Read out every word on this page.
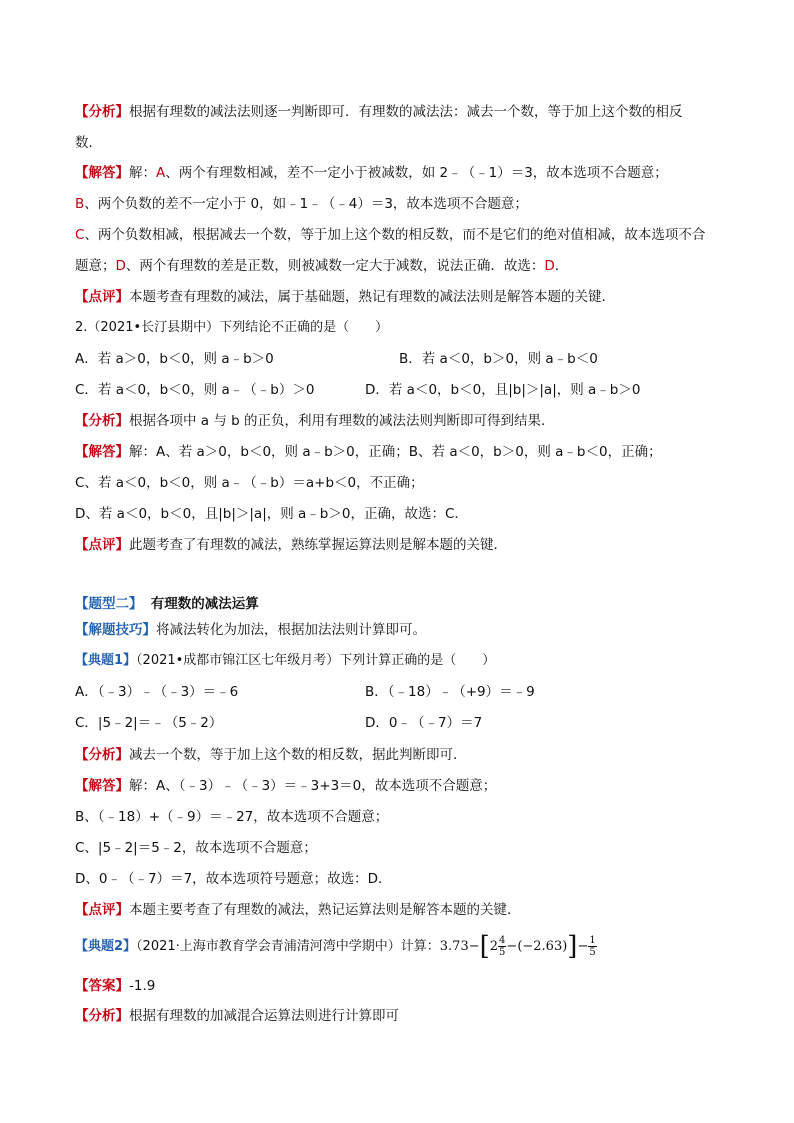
【分析】根据有理数的减法法则逐一判断即可．有理数的减法法：减去一个数，等于加上这个数的相反
数．
【解答】解：A、两个有理数相减，差不一定小于被减数，如 2﹣（﹣1）＝3，故本选项不合题意；
B、两个负数的差不一定小于 0，如﹣1﹣（﹣4）＝3，故本选项不合题意；
C、两个负数相减，根据减去一个数，等于加上这个数的相反数，而不是它们的绝对值相减，故本选项不合
题意；D、两个有理数的差是正数，则被减数一定大于减数，说法正确．故选：D．
【点评】本题考查有理数的减法，属于基础题，熟记有理数的减法法则是解答本题的关键．
2.（2021•长汀县期中）下列结论不正确的是（　　）
A．若 a＞0，b＜0，则 a﹣b＞0	B．若 a＜0，b＞0，则 a﹣b＜0
C．若 a＜0，b＜0，则 a﹣（﹣b）＞0	D．若 a＜0，b＜0，且|b|＞|a|，则 a﹣b＞0
【分析】根据各项中 a 与 b 的正负，利用有理数的减法法则判断即可得到结果．
【解答】解：A、若 a＞0，b＜0，则 a﹣b＞0，正确；B、若 a＜0，b＞0，则 a﹣b＜0，正确；
C、若 a＜0，b＜0，则 a﹣（﹣b）＝a+b＜0，不正确；
D、若 a＜0，b＜0，且|b|＞|a|，则 a﹣b＞0，正确，故选：C．
【点评】此题考查了有理数的减法，熟练掌握运算法则是解本题的关键．
【题型二】 有理数的减法运算
【解题技巧】将减法转化为加法，根据加法法则计算即可。
【典题1】（2021•成都市锦江区七年级月考）下列计算正确的是（　　）
A．（﹣3）﹣（﹣3）＝﹣6	B．（﹣18）﹣（+9）＝﹣9
C．|5﹣2|＝﹣（5﹣2）	D．0﹣（﹣7）＝7
【分析】减去一个数，等于加上这个数的相反数，据此判断即可．
【解答】解：A、（﹣3）﹣（﹣3）＝﹣3+3＝0，故本选项不合题意；
B、（﹣18）+（﹣9）＝﹣27，故本选项不合题意；
C、|5﹣2|＝5﹣2，故本选项不合题意；
D、0﹣（﹣7）＝7，故本选项符号题意；故选：D．
【点评】本题主要考查了有理数的减法，熟记运算法则是解答本题的关键．
【典题2】（2021·上海市教育学会青浦清河湾中学期中）计算：$3.73-[2 \frac{4}{5} -(-2.63)]- \frac{1}{5}$
【答案】-1.9
【分析】根据有理数的加减混合运算法则进行计算即可
